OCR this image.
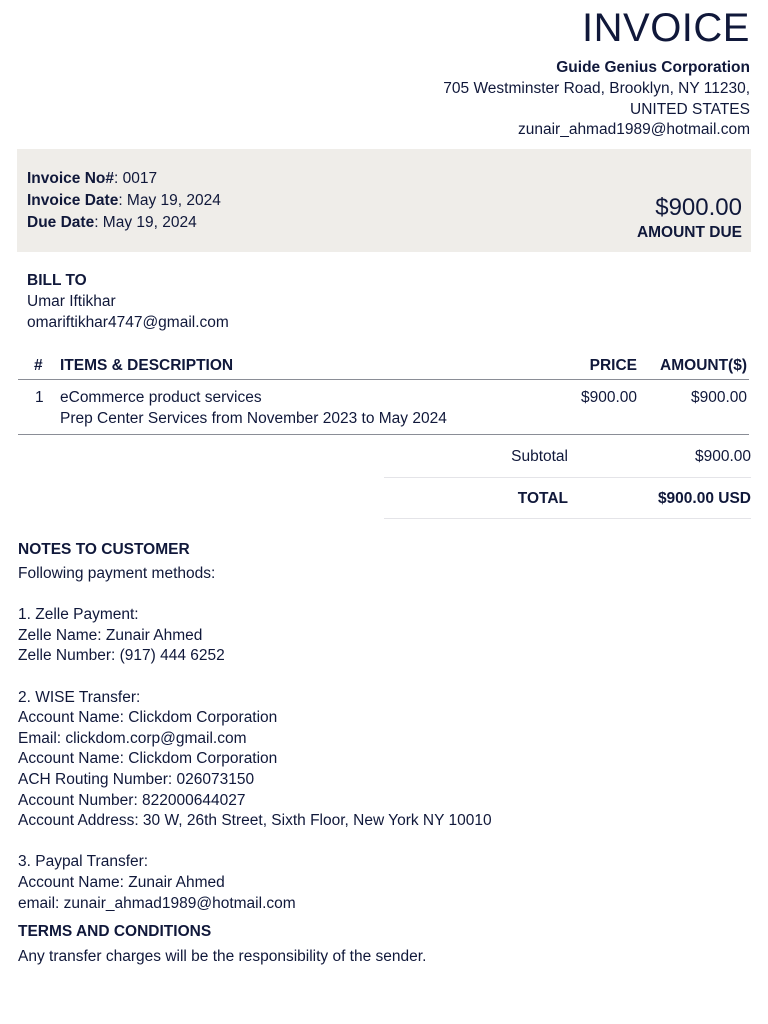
INVOICE
Guide Genius Corporation
705 Westminster Road, Brooklyn, NY 11230,
UNITED STATES
zunair_ahmad1989@hotmail.com
Invoice No#: 0017
Invoice Date: May 19, 2024
Due Date: May 19, 2024
$900.00
AMOUNT DUE
BILL TO
Umar Iftikhar
omariftikhar4747@gmail.com
# ITEMS & DESCRIPTION	PRICE AMOUNT($)
1 eCommerce product services
Prep Center Services from November 2023 to May 2024
$900.00	$900.00
Subtotal	$900.00
TOTAL	$900.00 USD
NOTES TO CUSTOMER
Following payment methods:

1. Zelle Payment:
Zelle Name: Zunair Ahmed
Zelle Number: (917) 444 6252

2. WISE Transfer:
Account Name: Clickdom Corporation
Email: clickdom.corp@gmail.com
Account Name: Clickdom Corporation
ACH Routing Number: 026073150
Account Number: 822000644027
Account Address: 30 W, 26th Street, Sixth Floor, New York NY 10010

3. Paypal Transfer:
Account Name: Zunair Ahmed
email: zunair_ahmad1989@hotmail.com
TERMS AND CONDITIONS
Any transfer charges will be the responsibility of the sender.
